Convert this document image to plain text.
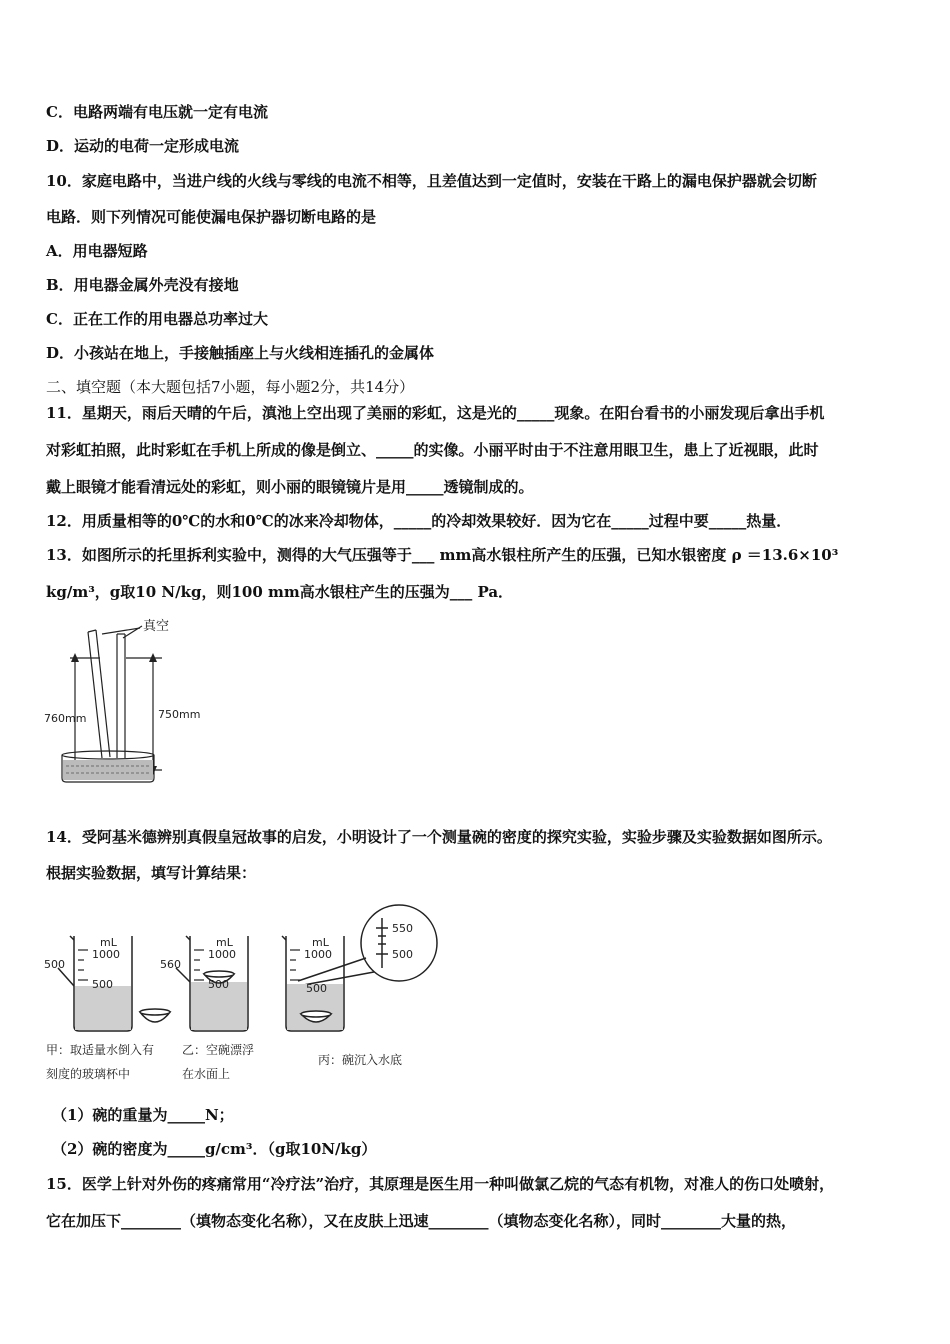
C．电路两端有电压就一定有电流
D．运动的电荷一定形成电流
10．家庭电路中，当进户线的火线与零线的电流不相等，且差值达到一定值时，安装在干路上的漏电保护器就会切断
电路．则下列情况可能使漏电保护器切断电路的是
A．用电器短路
B．用电器金属外壳没有接地
C．正在工作的用电器总功率过大
D．小孩站在地上，手接触插座上与火线相连插孔的金属体
二、填空题（本大题包括7小题，每小题2分，共14分）
11．星期天，雨后天晴的午后，滇池上空出现了美丽的彩虹，这是光的_____现象。在阳台看书的小丽发现后拿出手机
对彩虹拍照，此时彩虹在手机上所成的像是倒立、_____的实像。小丽平时由于不注意用眼卫生，患上了近视眼，此时
戴上眼镜才能看清远处的彩虹，则小丽的眼镜镜片是用_____透镜制成的。
12．用质量相等的0℃的水和0℃的冰来冷却物体，_____的冷却效果较好．因为它在_____过程中要_____热量．
13．如图所示的托里拆利实验中，测得的大气压强等于___ mm高水银柱所产生的压强，已知水银密度 ρ ＝13.6×10³
kg/m³，g取10 N/kg，则100 mm高水银柱产生的压强为___ Pa．
真空
760mm	750mm
14．受阿基米德辨别真假皇冠故事的启发，小明设计了一个测量碗的密度的探究实验，实验步骤及实验数据如图所示。
根据实验数据，填写计算结果：
mL
1000
500
mL
1000
500
mL
1000
500
500	560
550
500
甲：取适量水倒入有
刻度的玻璃杯中
乙：空碗漂浮
在水面上
丙：碗沉入水底
（1）碗的重量为_____N；
（2）碗的密度为_____g/cm³．（g取10N/kg）
15．医学上针对外伤的疼痛常用“冷疗法”治疗，其原理是医生用一种叫做氯乙烷的气态有机物，对准人的伤口处喷射，
它在加压下________（填物态变化名称），又在皮肤上迅速________（填物态变化名称），同时________大量的热，
